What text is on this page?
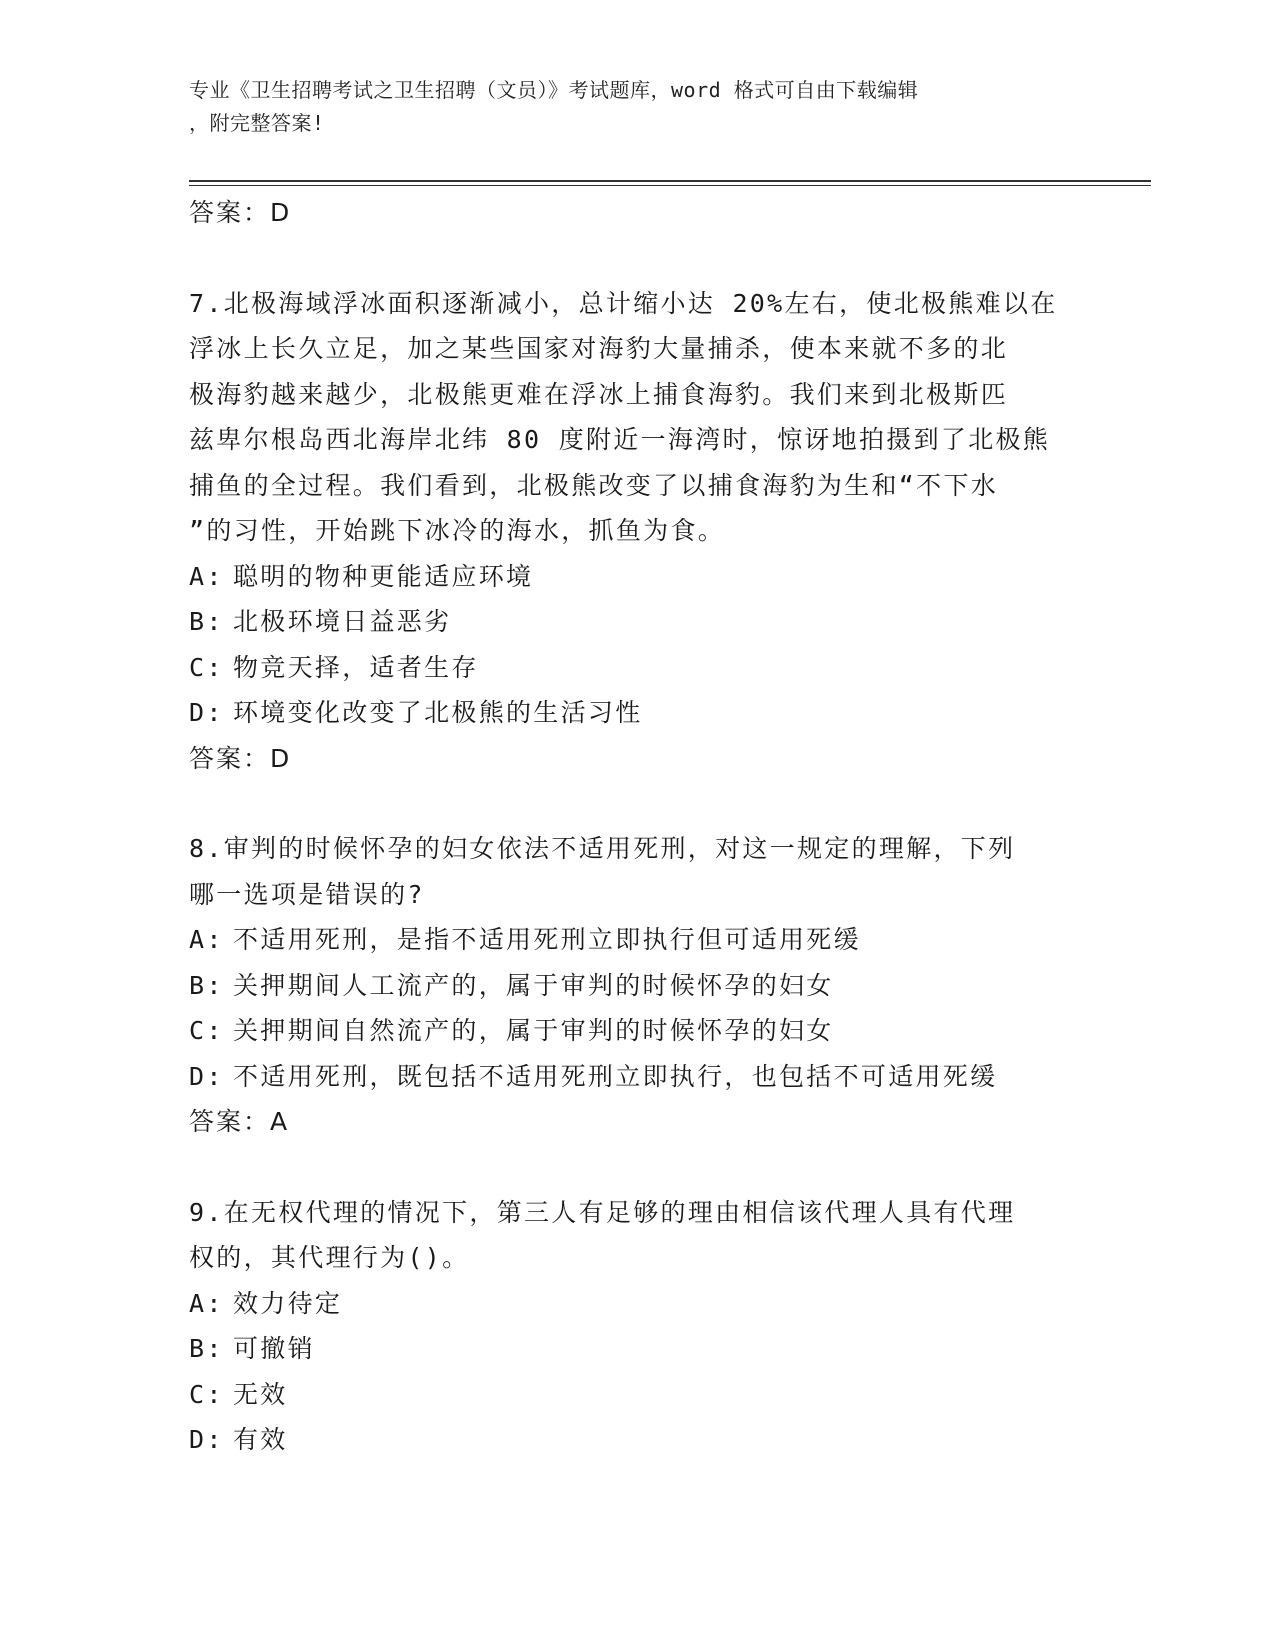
专业《卫生招聘考试之卫生招聘（文员）》考试题库，word 格式可自由下载编辑
，附完整答案!
答案：D
7.北极海域浮冰面积逐渐减小，总计缩小达 20%左右，使北极熊难以在
浮冰上长久立足，加之某些国家对海豹大量捕杀，使本来就不多的北
极海豹越来越少，北极熊更难在浮冰上捕食海豹。我们来到北极斯匹
兹卑尔根岛西北海岸北纬 80 度附近一海湾时，惊讶地拍摄到了北极熊
捕鱼的全过程。我们看到，北极熊改变了以捕食海豹为生和“不下水
”的习性，开始跳下冰冷的海水，抓鱼为食。
A: 聪明的物种更能适应环境
B: 北极环境日益恶劣
C: 物竞天择，适者生存
D: 环境变化改变了北极熊的生活习性
答案：D
8.审判的时候怀孕的妇女依法不适用死刑，对这一规定的理解，下列
哪一选项是错误的?
A: 不适用死刑，是指不适用死刑立即执行但可适用死缓
B: 关押期间人工流产的，属于审判的时候怀孕的妇女
C: 关押期间自然流产的，属于审判的时候怀孕的妇女
D: 不适用死刑，既包括不适用死刑立即执行，也包括不可适用死缓
答案：A
9.在无权代理的情况下，第三人有足够的理由相信该代理人具有代理
权的，其代理行为()。
A: 效力待定
B: 可撤销
C: 无效
D: 有效
